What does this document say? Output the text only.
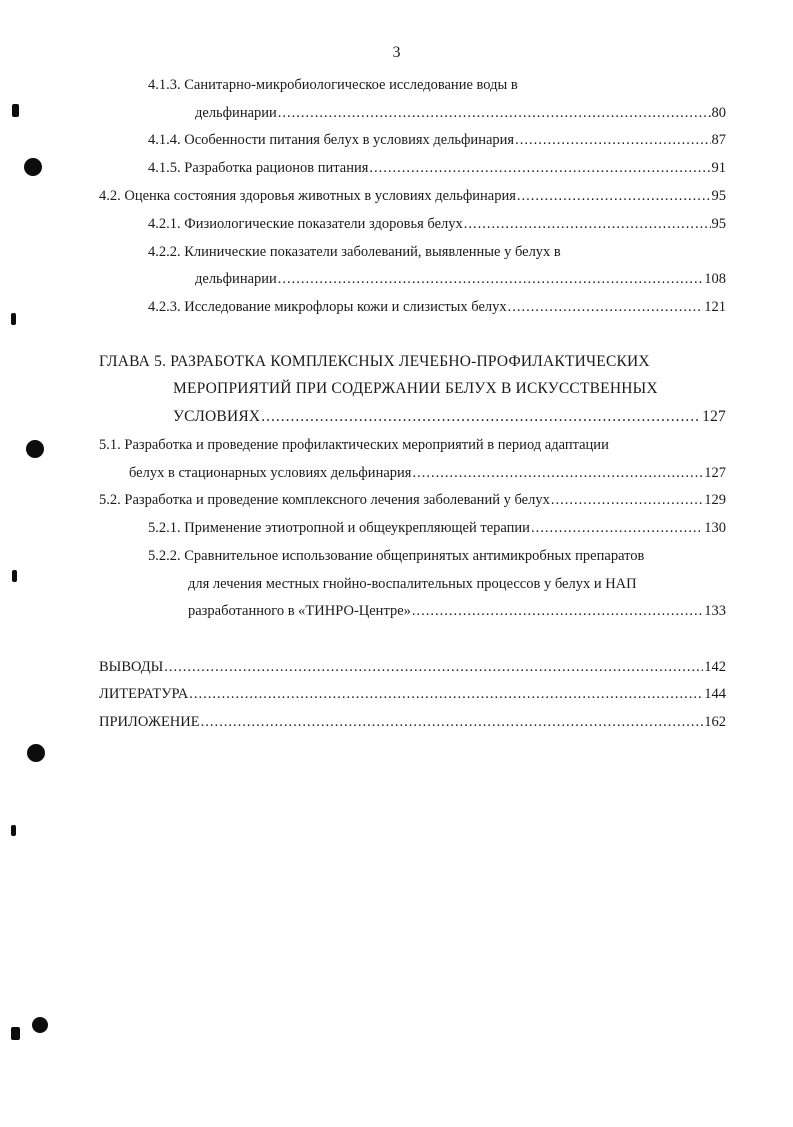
3
4.1.3. Санитарно-микробиологическое исследование воды в
дельфинарии .....	80
4.1.4. Особенности питания белух в условиях дельфинария .....	87
4.1.5. Разработка рационов питания .....	91
4.2. Оценка состояния здоровья животных в условиях дельфинария .....	95
4.2.1. Физиологические показатели здоровья белух .....	95
4.2.2. Клинические показатели заболеваний, выявленные у белух в
дельфинарии .....	108
4.2.3. Исследование микрофлоры кожи и слизистых белух .....	121
ГЛАВА 5. РАЗРАБОТКА КОМПЛЕКСНЫХ ЛЕЧЕБНО-ПРОФИЛАКТИЧЕСКИХ
МЕРОПРИЯТИЙ ПРИ СОДЕРЖАНИИ БЕЛУХ В ИСКУССТВЕННЫХ
УСЛОВИЯХ .....	127
5.1. Разработка и проведение профилактических мероприятий в период адаптации
белух в стационарных условиях дельфинария .....	127
5.2. Разработка и проведение комплексного лечения заболеваний у белух .....	129
5.2.1. Применение этиотропной и общеукрепляющей терапии .....	130
5.2.2. Сравнительное использование общепринятых антимикробных препаратов
для лечения местных гнойно-воспалительных процессов у белух и НАП
разработанного в «ТИНРО-Центре» .....	133
ВЫВОДЫ .....	142
ЛИТЕРАТУРА .....	144
ПРИЛОЖЕНИЕ .....	162
